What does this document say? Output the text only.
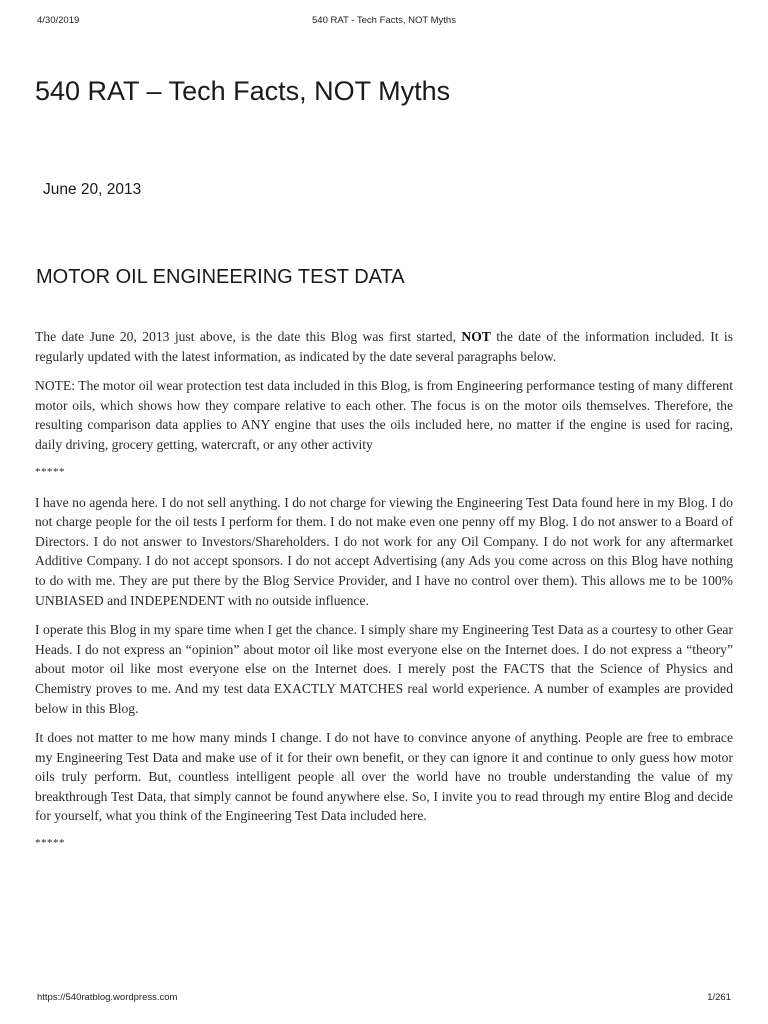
4/30/2019	540 RAT - Tech Facts, NOT Myths
540 RAT – Tech Facts, NOT Myths
June 20, 2013
MOTOR OIL ENGINEERING TEST DATA

The date June 20, 2013 just above, is the date this Blog was first started, NOT the date of the information included. It is regularly updated with the latest information, as indicated by the date several paragraphs below.

NOTE: The motor oil wear protection test data included in this Blog, is from Engineering performance testing of many different motor oils, which shows how they compare relative to each other. The focus is on the motor oils themselves. Therefore, the resulting comparison data applies to ANY engine that uses the oils included here, no matter if the engine is used for racing, daily driving, grocery getting, watercraft, or any other activity

*****

I have no agenda here. I do not sell anything. I do not charge for viewing the Engineering Test Data found here in my Blog. I do not charge people for the oil tests I perform for them. I do not make even one penny off my Blog. I do not answer to a Board of Directors. I do not answer to Investors/Shareholders. I do not work for any Oil Company. I do not work for any aftermarket Additive Company. I do not accept sponsors. I do not accept Advertising (any Ads you come across on this Blog have nothing to do with me. They are put there by the Blog Service Provider, and I have no control over them). This allows me to be 100% UNBIASED and INDEPENDENT with no outside influence.

I operate this Blog in my spare time when I get the chance. I simply share my Engineering Test Data as a courtesy to other Gear Heads. I do not express an “opinion” about motor oil like most everyone else on the Internet does. I do not express a “theory” about motor oil like most everyone else on the Internet does. I merely post the FACTS that the Science of Physics and Chemistry proves to me. And my test data EXACTLY MATCHES real world experience. A number of examples are provided below in this Blog.

It does not matter to me how many minds I change. I do not have to convince anyone of anything. People are free to embrace my Engineering Test Data and make use of it for their own benefit, or they can ignore it and continue to only guess how motor oils truly perform. But, countless intelligent people all over the world have no trouble understanding the value of my breakthrough Test Data, that simply cannot be found anywhere else. So, I invite you to read through my entire Blog and decide for yourself, what you think of the Engineering Test Data included here.

*****

https://540ratblog.wordpress.com	1/261
